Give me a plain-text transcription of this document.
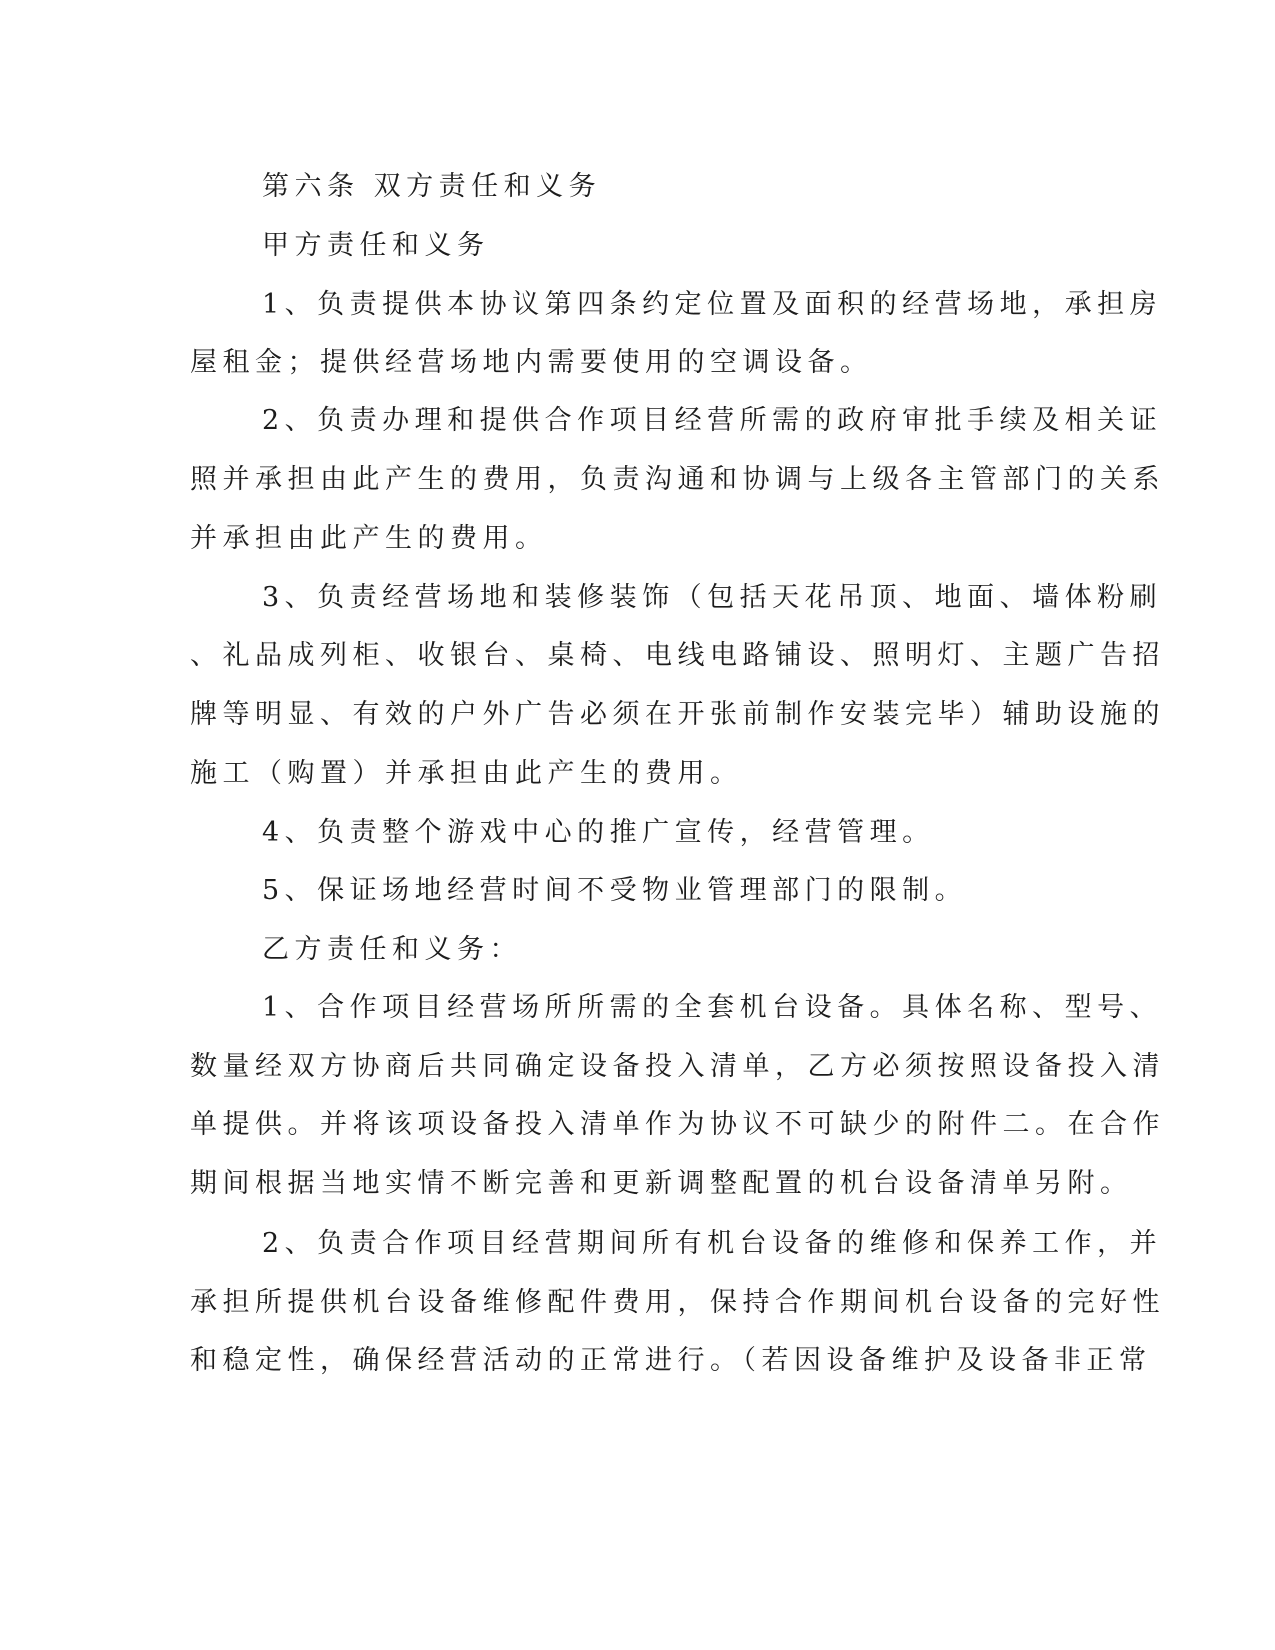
第六条 双方责任和义务
甲方责任和义务
1、负责提供本协议第四条约定位置及面积的经营场地，承担房
屋租金；提供经营场地内需要使用的空调设备。
2、负责办理和提供合作项目经营所需的政府审批手续及相关证
照并承担由此产生的费用，负责沟通和协调与上级各主管部门的关系
并承担由此产生的费用。
3、负责经营场地和装修装饰（包括天花吊顶、地面、墙体粉刷
、礼品成列柜、收银台、桌椅、电线电路铺设、照明灯、主题广告招
牌等明显、有效的户外广告必须在开张前制作安装完毕）辅助设施的
施工（购置）并承担由此产生的费用。
4、负责整个游戏中心的推广宣传，经营管理。
5、保证场地经营时间不受物业管理部门的限制。
乙方责任和义务：
1、合作项目经营场所所需的全套机台设备。具体名称、型号、
数量经双方协商后共同确定设备投入清单，乙方必须按照设备投入清
单提供。并将该项设备投入清单作为协议不可缺少的附件二。在合作
期间根据当地实情不断完善和更新调整配置的机台设备清单另附。
2、负责合作项目经营期间所有机台设备的维修和保养工作，并
承担所提供机台设备维修配件费用，保持合作期间机台设备的完好性
和稳定性，确保经营活动的正常进行。（若因设备维护及设备非正常
